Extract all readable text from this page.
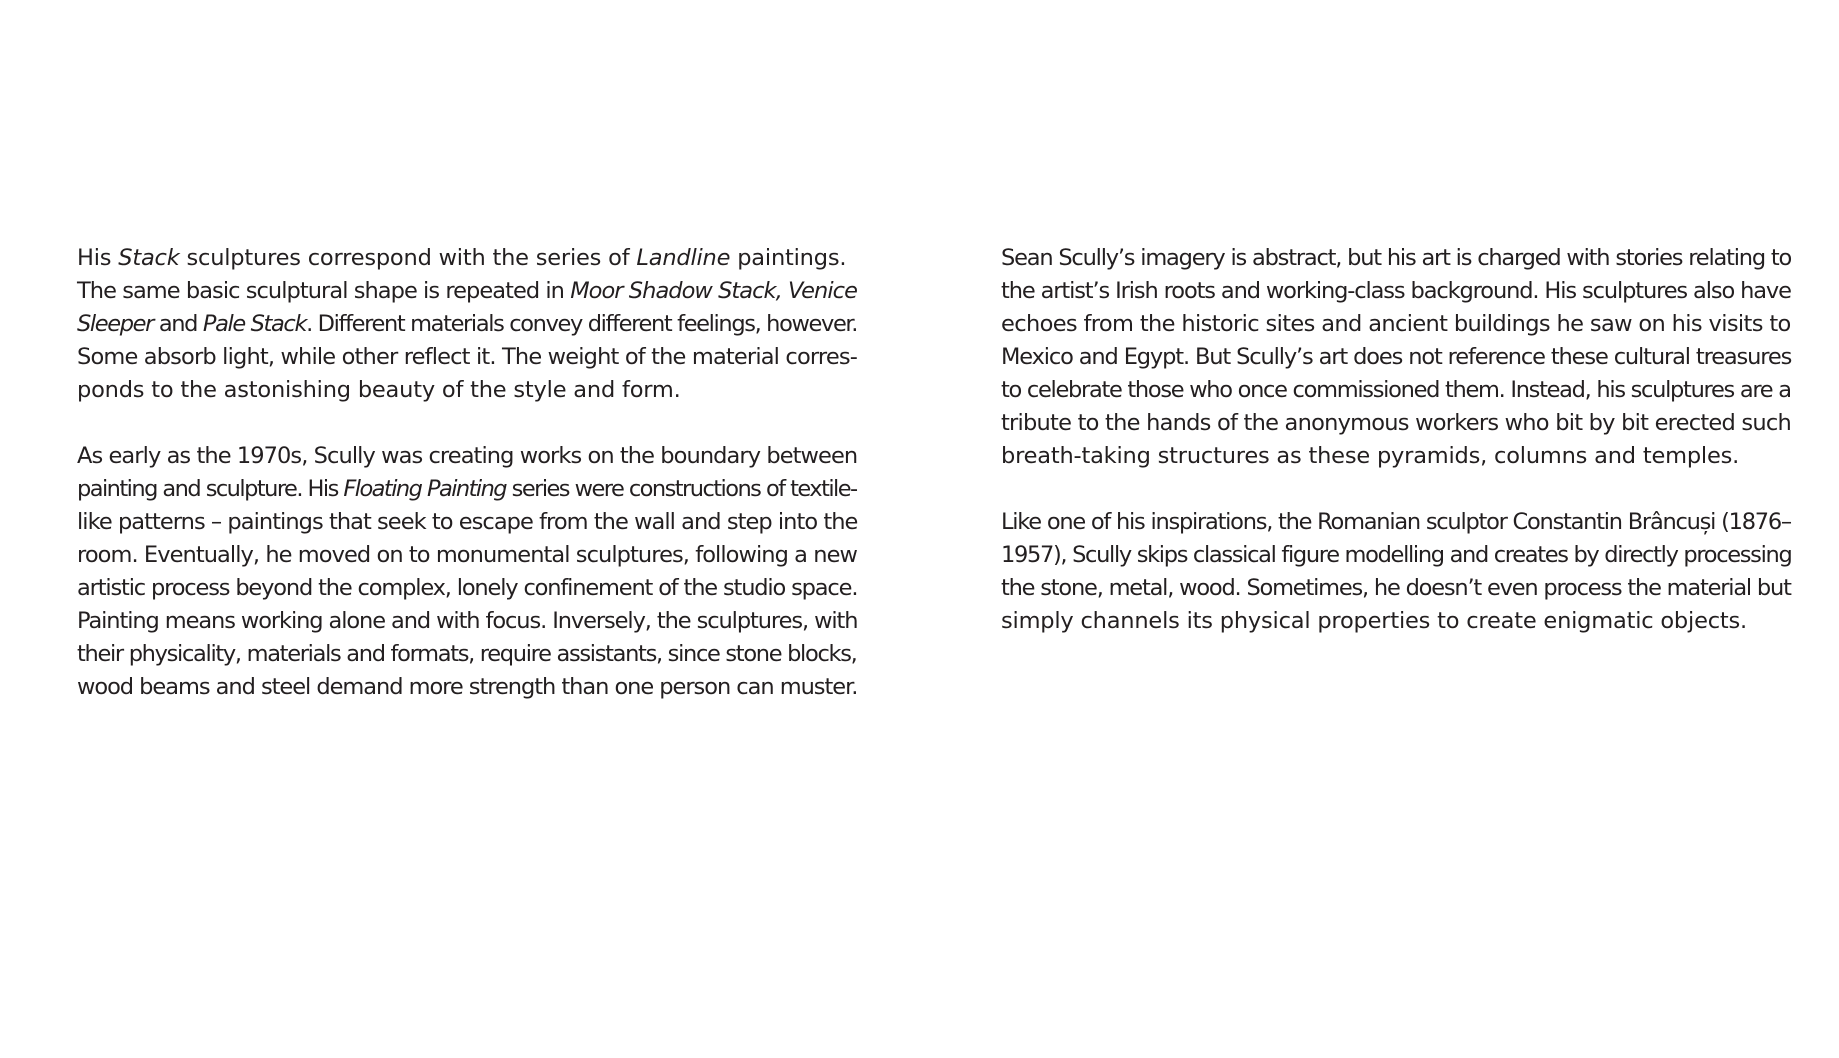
His Stack sculptures correspond with the series of Landline paintings.
The same basic sculptural shape is repeated in Moor Shadow Stack, Venice
Sleeper and Pale Stack. Different materials convey different feelings, however.
Some absorb light, while other reflect it. The weight of the material corres-
ponds to the astonishing beauty of the style and form.

As early as the 1970s, Scully was creating works on the boundary between
painting and sculpture. His Floating Painting series were constructions of textile-
like patterns – paintings that seek to escape from the wall and step into the
room. Eventually, he moved on to monumental sculptures, following a new
artistic process beyond the complex, lonely confinement of the studio space.
Painting means working alone and with focus. Inversely, the sculptures, with
their physicality, materials and formats, require assistants, since stone blocks,
wood beams and steel demand more strength than one person can muster.

Sean Scully’s imagery is abstract, but his art is charged with stories relating to
the artist’s Irish roots and working-class background. His sculptures also have
echoes from the historic sites and ancient buildings he saw on his visits to
Mexico and Egypt. But Scully’s art does not reference these cultural treasures
to celebrate those who once commissioned them. Instead, his sculptures are a
tribute to the hands of the anonymous workers who bit by bit erected such
breath-taking structures as these pyramids, columns and temples.

Like one of his inspirations, the Romanian sculptor Constantin Brâncuși (1876–
1957), Scully skips classical figure modelling and creates by directly processing
the stone, metal, wood. Sometimes, he doesn’t even process the material but
simply channels its physical properties to create enigmatic objects.
